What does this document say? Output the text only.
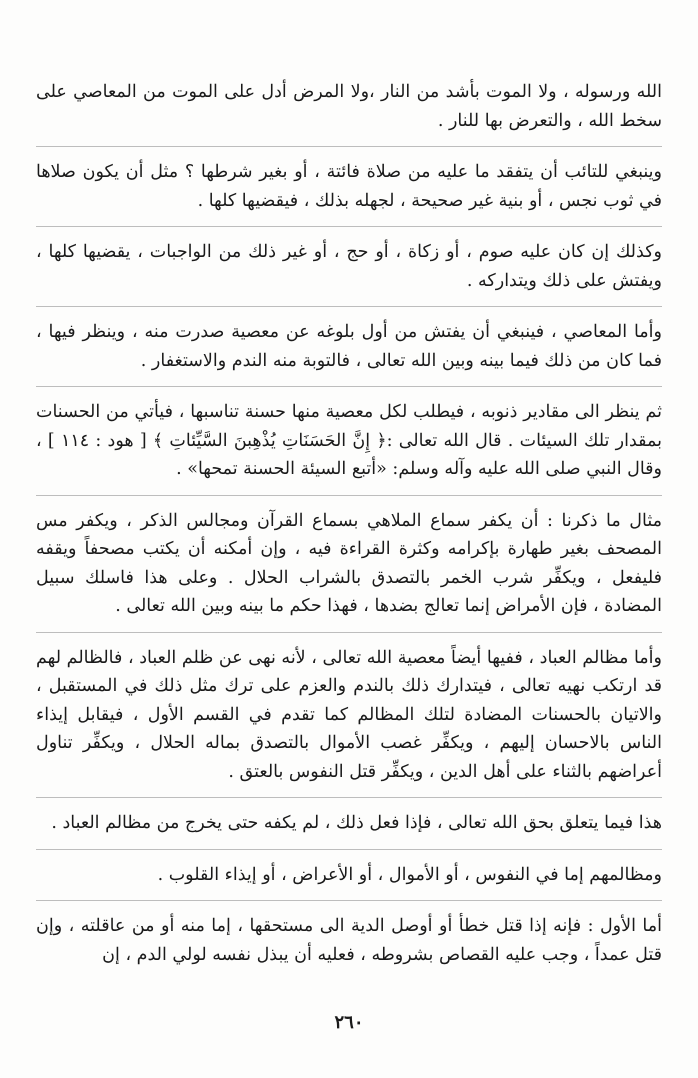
الله ورسوله ، ولا الموت بأشد من النار ،ولا المرض أدل على الموت من المعاصي على سخط الله ، والتعرض بها للنار .

وينبغي للتائب أن يتفقد ما عليه من صلاة فائتة ، أو بغير شرطها ؟ مثل أن يكون صلاها في ثوب نجس ، أو بنية غير صحيحة ، لجهله بذلك ، فيقضيها كلها .

وكذلك إن كان عليه صوم ، أو زكاة ، أو حج ، أو غير ذلك من الواجبات ، يقضيها كلها ، ويفتش على ذلك ويتداركه .

وأما المعاصي ، فينبغي أن يفتش من أول بلوغه عن معصية صدرت منه ، وينظر فيها ، فما كان من ذلك فيما بينه وبين الله تعالى ، فالتوبة منه الندم والاستغفار .

ثم ينظر الى مقادير ذنوبه ، فيطلب لكل معصية منها حسنة تناسبها ، فيأتي من الحسنات بمقدار تلك السيئات . قال الله تعالى :﴿ إِنَّ الحَسَنَاتِ يُذْهِبنَ السَّيِّئاتِ ﴾ [ هود : ١١٤ ] ، وقال النبي صلى الله عليه وآله وسلم: «أتبع السيئة الحسنة تمحها» .

مثال ما ذكرنا : أن يكفر سماع الملاهي بسماع القرآن ومجالس الذكر ، ويكفر مس المصحف بغير طهارة بإكرامه وكثرة القراءة فيه ، وإن أمكنه أن يكتب مصحفاً ويقفه فليفعل ، ويكفِّر شرب الخمر بالتصدق بالشراب الحلال . وعلى هذا فاسلك سبيل المضادة ، فإن الأمراض إنما تعالج بضدها ، فهذا حكم ما بينه وبين الله تعالى .

وأما مظالم العباد ، ففيها أيضاً معصية الله تعالى ، لأنه نهى عن ظلم العباد ، فالظالم لهم قد ارتكب نهيه تعالى ، فيتدارك ذلك بالندم والعزم على ترك مثل ذلك في المستقبل ، والاتيان بالحسنات المضادة لتلك المظالم كما تقدم في القسم الأول ، فيقابل إيذاء الناس بالاحسان إليهم ، ويكفِّر غصب الأموال بالتصدق بماله الحلال ، ويكفِّر تناول أعراضهم بالثناء على أهل الدين ، ويكفِّر قتل النفوس بالعتق .

هذا فيما يتعلق بحق الله تعالى ، فإذا فعل ذلك ، لم يكفه حتى يخرج من مظالم العباد .

ومظالمهم إما في النفوس ، أو الأموال ، أو الأعراض ، أو إيذاء القلوب .

أما الأول : فإنه إذا قتل خطأ أو أوصل الدية الى مستحقها ، إما منه أو من عاقلته ، وإن قتل عمداً ، وجب عليه القصاص بشروطه ، فعليه أن يبذل نفسه لولي الدم ، إن

٢٦٠
